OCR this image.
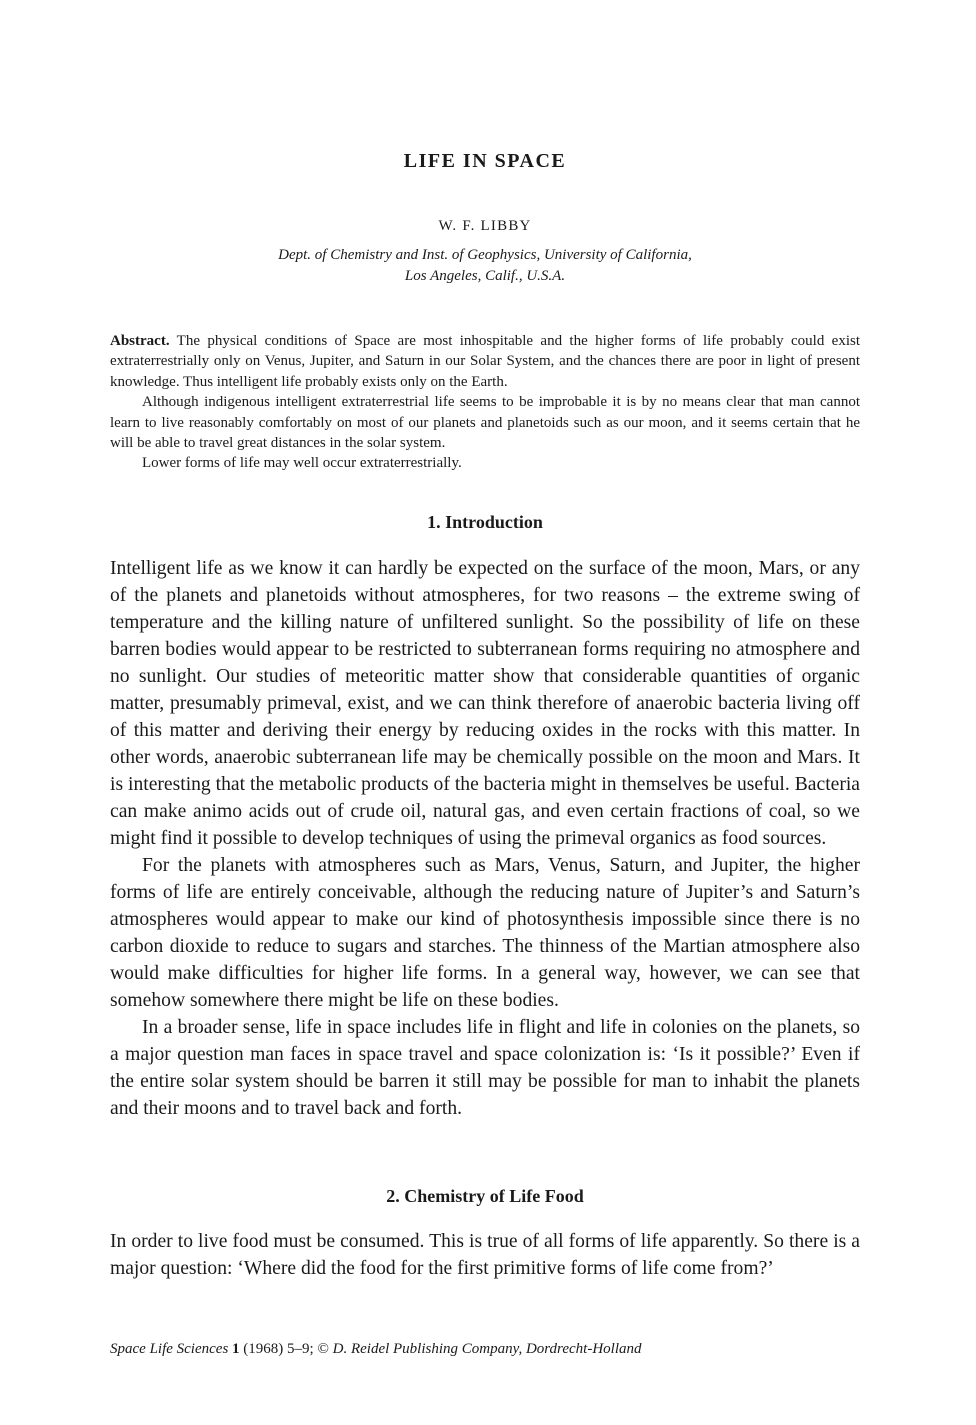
LIFE IN SPACE
W. F. LIBBY
Dept. of Chemistry and Inst. of Geophysics, University of California,
Los Angeles, Calif., U.S.A.

Abstract. The physical conditions of Space are most inhospitable and the higher forms of life probably could exist extraterrestrially only on Venus, Jupiter, and Saturn in our Solar System, and the chances there are poor in light of present knowledge. Thus intelligent life probably exists only on the Earth.

Although indigenous intelligent extraterrestrial life seems to be improbable it is by no means clear that man cannot learn to live reasonably comfortably on most of our planets and planetoids such as our moon, and it seems certain that he will be able to travel great distances in the solar system.

Lower forms of life may well occur extraterrestrially.

1. Introduction

Intelligent life as we know it can hardly be expected on the surface of the moon, Mars, or any of the planets and planetoids without atmospheres, for two reasons – the extreme swing of temperature and the killing nature of unfiltered sunlight. So the possibility of life on these barren bodies would appear to be restricted to subterranean forms requiring no atmosphere and no sunlight. Our studies of meteoritic matter show that considerable quantities of organic matter, presumably primeval, exist, and we can think therefore of anaerobic bacteria living off of this matter and deriving their energy by reducing oxides in the rocks with this matter. In other words, anaerobic subterranean life may be chemically possible on the moon and Mars. It is interesting that the metabolic products of the bacteria might in themselves be useful. Bacteria can make animo acids out of crude oil, natural gas, and even certain fractions of coal, so we might find it possible to develop techniques of using the primeval organics as food sources.

For the planets with atmospheres such as Mars, Venus, Saturn, and Jupiter, the higher forms of life are entirely conceivable, although the reducing nature of Jupiter’s and Saturn’s atmospheres would appear to make our kind of photosynthesis impossible since there is no carbon dioxide to reduce to sugars and starches. The thinness of the Martian atmosphere also would make difficulties for higher life forms. In a general way, however, we can see that somehow somewhere there might be life on these bodies.

In a broader sense, life in space includes life in flight and life in colonies on the planets, so a major question man faces in space travel and space colonization is: ‘Is it possible?’ Even if the entire solar system should be barren it still may be possible for man to inhabit the planets and their moons and to travel back and forth.

2. Chemistry of Life Food

In order to live food must be consumed. This is true of all forms of life apparently. So there is a major question: ‘Where did the food for the first primitive forms of life come from?’

Space Life Sciences 1 (1968) 5–9; © D. Reidel Publishing Company, Dordrecht-Holland
